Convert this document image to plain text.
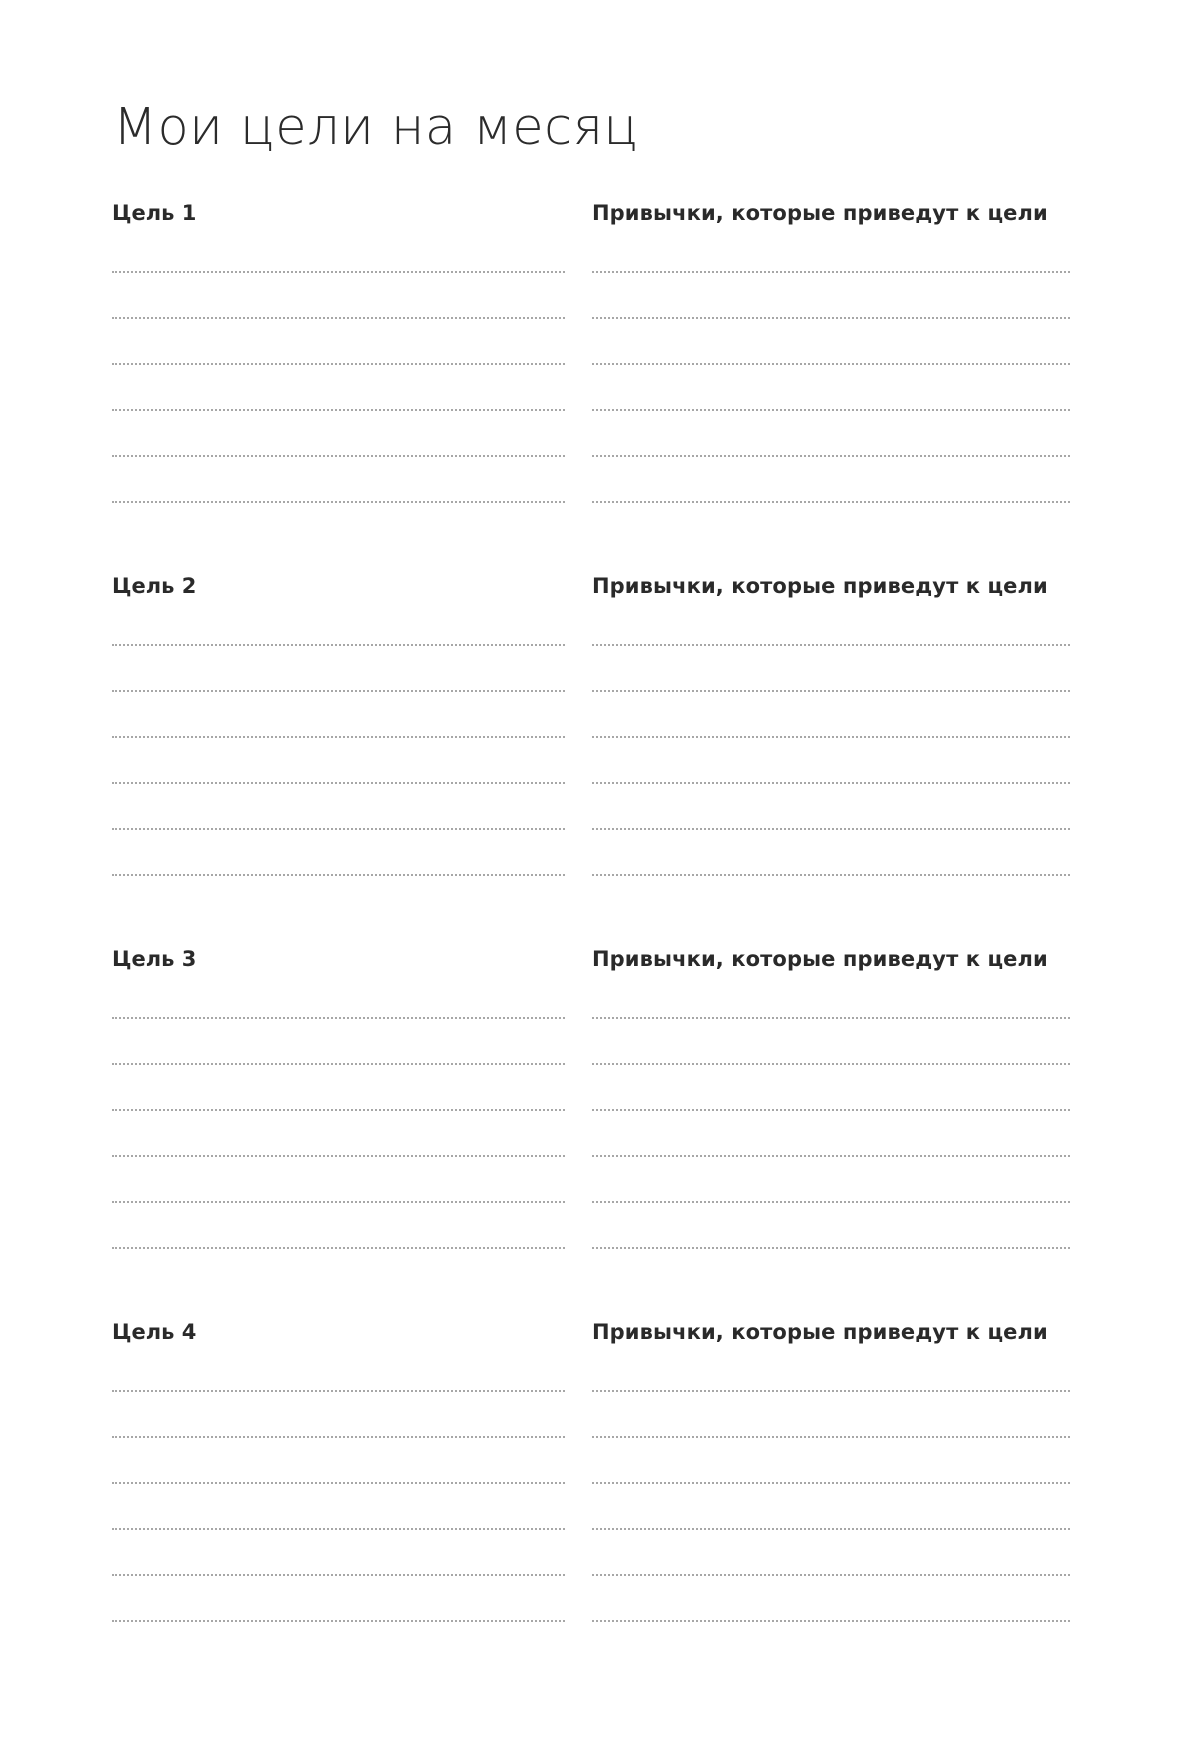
Мои цели на месяц
Цель 1	Привычки, которые приведут к цели
Цель 2	Привычки, которые приведут к цели
Цель 3	Привычки, которые приведут к цели
Цель 4	Привычки, которые приведут к цели
